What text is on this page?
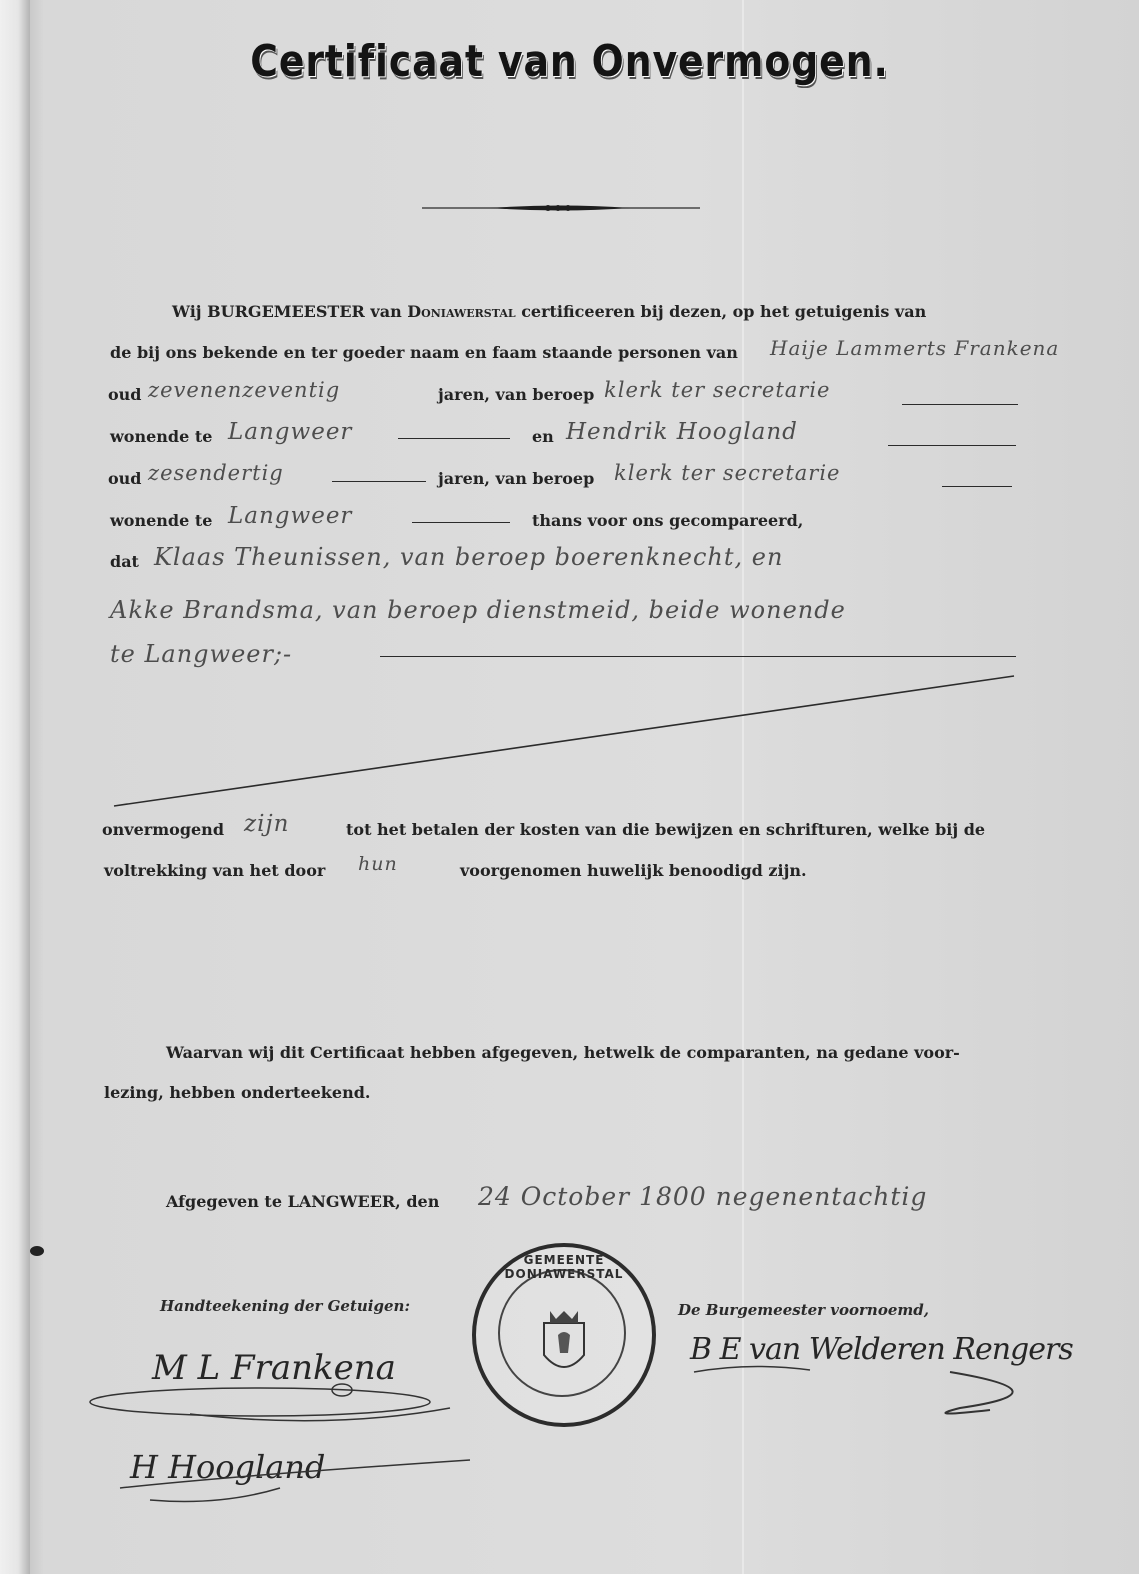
Certificaat van Onvermogen.
Wij BURGEMEESTER van Doniawerstal certificeeren bij dezen, op het getuigenis van
de bij ons bekende en ter goeder naam en faam staande personen van Haije Lammerts Frankena
oud zevenenzeventig	jaren, van beroep klerk ter secretarie
wonende te Langweer	en Hendrik Hoogland
oud zesendertig	jaren, van beroep klerk ter secretarie
wonende te Langweer	thans voor ons gecompareerd,
dat Klaas Theunissen, van beroep boerenknecht, en
Akke Brandsma, van beroep dienstmeid, beide wonende
te Langweer;-
onvermogend zijn	tot het betalen der kosten van die bewijzen en schrifturen, welke bij de
voltrekking van het door hun	voorgenomen huwelijk benoodigd zijn.
Waarvan wij dit Certificaat hebben afgegeven, hetwelk de comparanten, na gedane voor-
lezing, hebben onderteekend.
Afgegeven te LANGWEER, den 24 October 1800 negenentachtig
Handteekening der Getuigen:	De Burgemeester voornoemd,
GEMEENTE DONIAWERSTAL
M L Frankena
H Hoogland
B E van Welderen Rengers
